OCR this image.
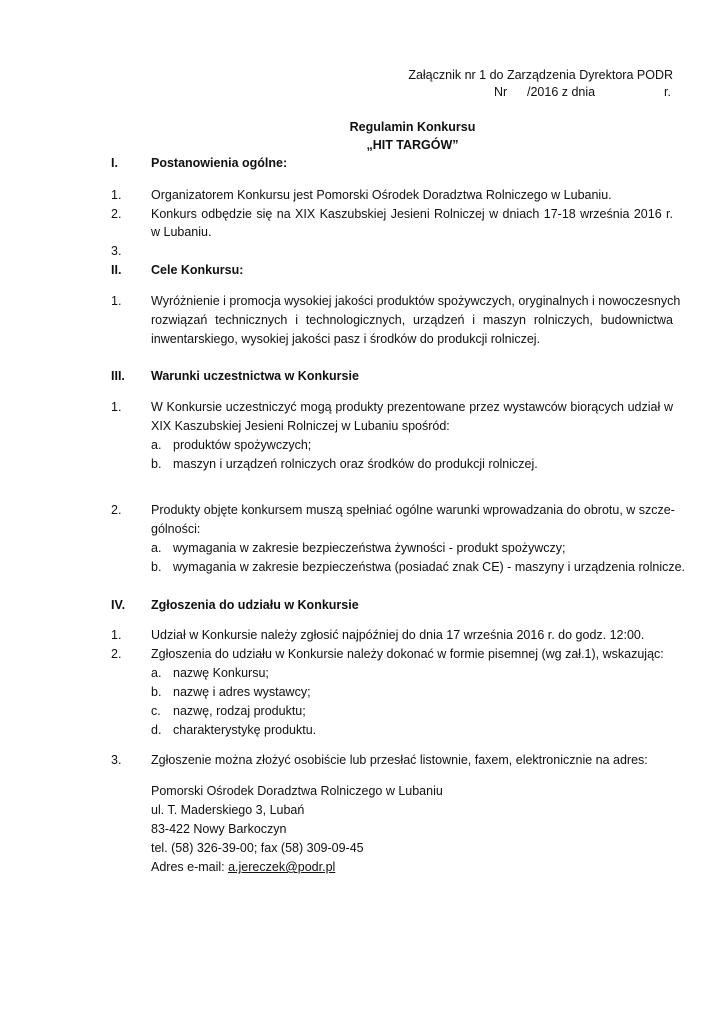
Załącznik nr 1 do Zarządzenia Dyrektora PODR
Nr /2016 z dnia	r.
Regulamin Konkursu
„HIT TARGÓW”
I.	Postanowienia ogólne:
1. Organizatorem Konkursu jest Pomorski Ośrodek Doradztwa Rolniczego w Lubaniu.
2. Konkurs odbędzie się na XIX Kaszubskiej Jesieni Rolniczej w dniach 17-18 września 2016 r.
w Lubaniu.
3.
II. Cele Konkursu:
1. Wyróżnienie i promocja wysokiej jakości produktów spożywczych, oryginalnych i nowoczesnych
rozwiązań technicznych i technologicznych, urządzeń i maszyn rolniczych, budownictwa
inwentarskiego, wysokiej jakości pasz i środków do produkcji rolniczej.
III. Warunki uczestnictwa w Konkursie
1. W Konkursie uczestniczyć mogą produkty prezentowane przez wystawców biorących udział w
XIX Kaszubskiej Jesieni Rolniczej w Lubaniu spośród:
a. produktów spożywczych;
b. maszyn i urządzeń rolniczych oraz środków do produkcji rolniczej.
2. Produkty objęte konkursem muszą spełniać ogólne warunki wprowadzania do obrotu, w szcze-
gólności:
a. wymagania w zakresie bezpieczeństwa żywności - produkt spożywczy;
b. wymagania w zakresie bezpieczeństwa (posiadać znak CE) - maszyny i urządzenia rolnicze.
IV. Zgłoszenia do udziału w Konkursie
1. Udział w Konkursie należy zgłosić najpóźniej do dnia 17 września 2016 r. do godz. 12:00.
2. Zgłoszenia do udziału w Konkursie należy dokonać w formie pisemnej (wg zał.1), wskazując:
a. nazwę Konkursu;
b. nazwę i adres wystawcy;
c. nazwę, rodzaj produktu;
d. charakterystykę produktu.
3. Zgłoszenie można złożyć osobiście lub przesłać listownie, faxem, elektronicznie na adres:
Pomorski Ośrodek Doradztwa Rolniczego w Lubaniu
ul. T. Maderskiego 3, Lubań
83-422 Nowy Barkoczyn
tel. (58) 326-39-00; fax (58) 309-09-45
Adres e-mail: a.jereczek@podr.pl
